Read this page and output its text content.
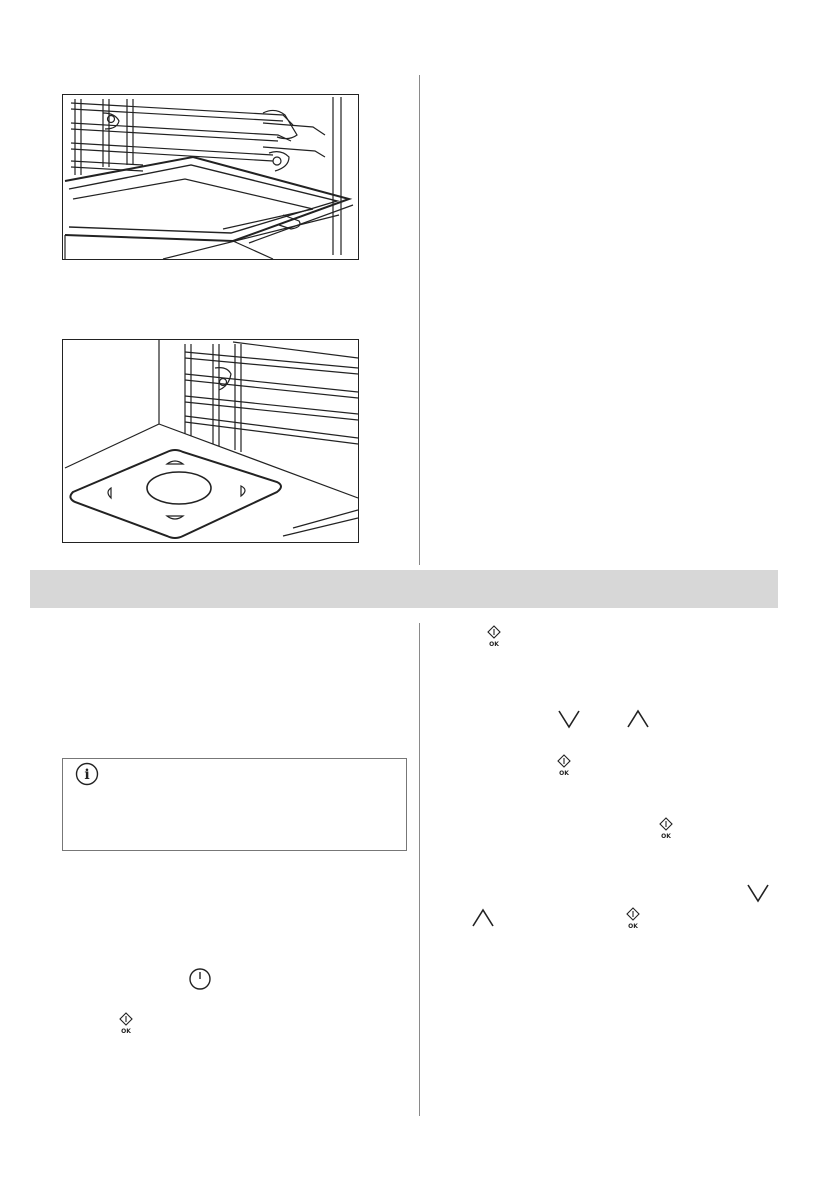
i
OK
OK
OK
OK
OK
